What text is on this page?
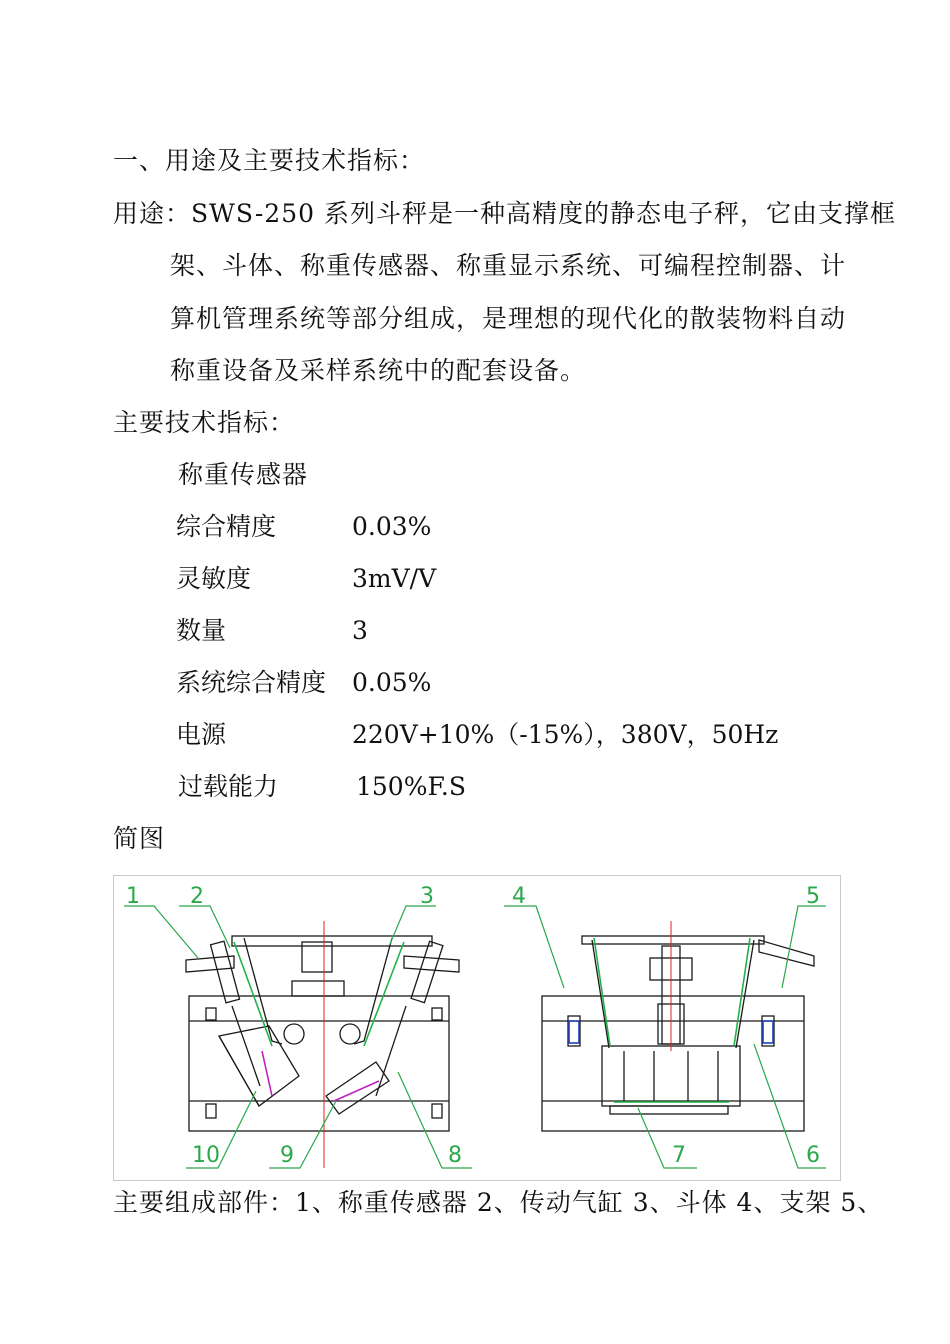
一、用途及主要技术指标：
用途：SWS-250 系列斗秤是一种高精度的静态电子秤，它由支撑框
架、斗体、称重传感器、称重显示系统、可编程控制器、计
算机管理系统等部分组成，是理想的现代化的散装物料自动
称重设备及采样系统中的配套设备。
主要技术指标：
称重传感器
综合精度	0.03%
灵敏度	3mV/V
数量	3
系统综合精度 0.05%
电源	220V+10%（-15%），380V，50Hz
过载能力	150%F.S
简图
1 2	3	4	5
10	9	8	7	6
主要组成部件：1、称重传感器 2、传动气缸 3、斗体 4、支架 5、
